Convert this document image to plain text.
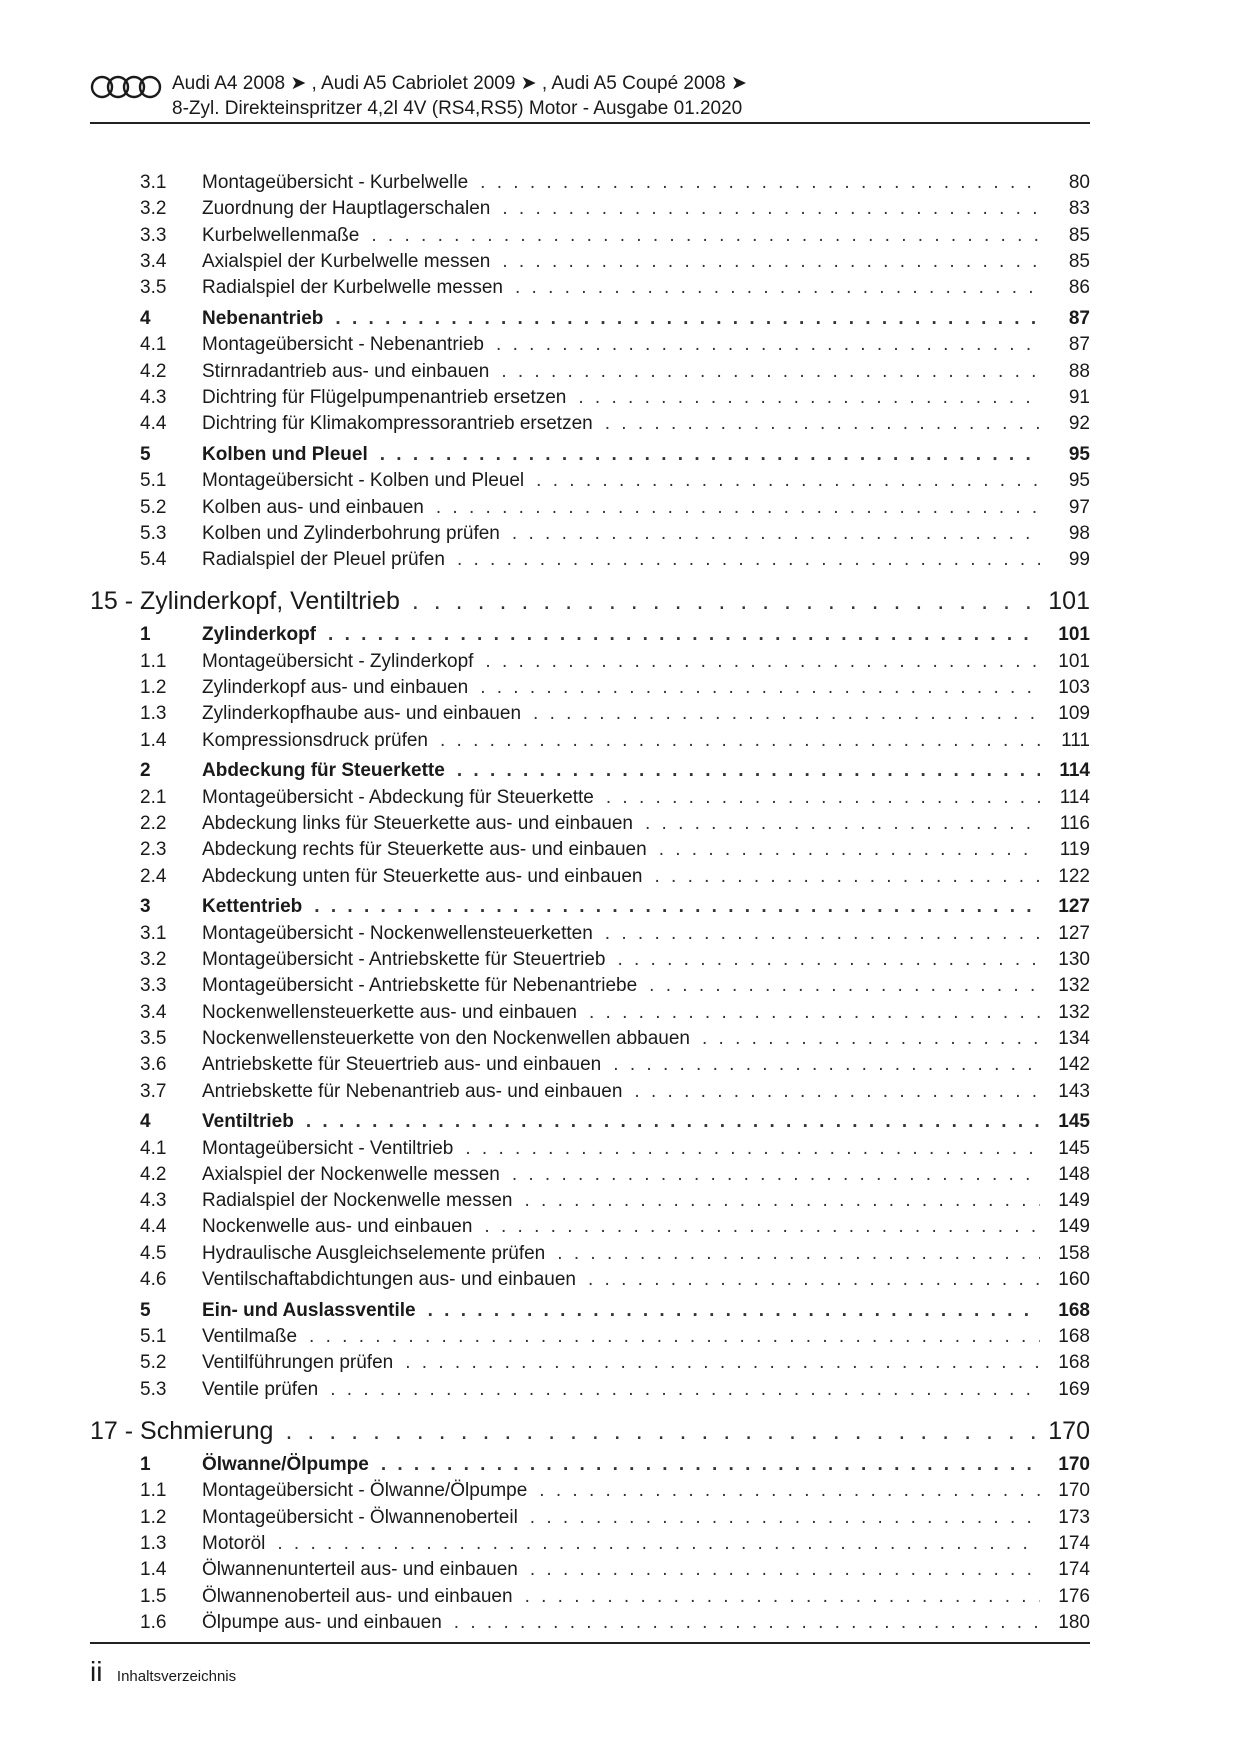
Audi A4 2008 ➤ , Audi A5 Cabriolet 2009 ➤ , Audi A5 Coupé 2008 ➤
8-Zyl. Direkteinspritzer 4,2l 4V (RS4,RS5) Motor - Ausgabe 01.2020
3.1	Montageübersicht - Kurbelwelle . . .	80
3.2	Zuordnung der Hauptlagerschalen . . .	83
3.3	Kurbelwellenmaße . . .	85
3.4	Axialspiel der Kurbelwelle messen . . .	85
3.5	Radialspiel der Kurbelwelle messen . . .	86
4	Nebenantrieb . . .	87
4.1	Montageübersicht - Nebenantrieb . . .	87
4.2	Stirnradantrieb aus- und einbauen . . .	88
4.3	Dichtring für Flügelpumpenantrieb ersetzen . . .	91
4.4	Dichtring für Klimakompressorantrieb ersetzen . . .	92
5	Kolben und Pleuel . . .	95
5.1	Montageübersicht - Kolben und Pleuel . . .	95
5.2	Kolben aus- und einbauen . . .	97
5.3	Kolben und Zylinderbohrung prüfen . . .	98
5.4	Radialspiel der Pleuel prüfen . . .	99
15 - Zylinderkopf, Ventiltrieb . . .	101
1	Zylinderkopf . . .	101
1.1	Montageübersicht - Zylinderkopf . . .	101
1.2	Zylinderkopf aus- und einbauen . . .	103
1.3	Zylinderkopfhaube aus- und einbauen . . .	109
1.4	Kompressionsdruck prüfen . . .	111
2	Abdeckung für Steuerkette . . .	114
2.1	Montageübersicht - Abdeckung für Steuerkette . . .	114
2.2	Abdeckung links für Steuerkette aus- und einbauen . . .	116
2.3	Abdeckung rechts für Steuerkette aus- und einbauen . . .	119
2.4	Abdeckung unten für Steuerkette aus- und einbauen . . .	122
3	Kettentrieb . . .	127
3.1	Montageübersicht - Nockenwellensteuerketten . . .	127
3.2	Montageübersicht - Antriebskette für Steuertrieb . . .	130
3.3	Montageübersicht - Antriebskette für Nebenantriebe . . .	132
3.4	Nockenwellensteuerkette aus- und einbauen . . .	132
3.5	Nockenwellensteuerkette von den Nockenwellen abbauen . . .	134
3.6	Antriebskette für Steuertrieb aus- und einbauen . . .	142
3.7	Antriebskette für Nebenantrieb aus- und einbauen . . .	143
4	Ventiltrieb . . .	145
4.1	Montageübersicht - Ventiltrieb . . .	145
4.2	Axialspiel der Nockenwelle messen . . .	148
4.3	Radialspiel der Nockenwelle messen . . .	149
4.4	Nockenwelle aus- und einbauen . . .	149
4.5	Hydraulische Ausgleichselemente prüfen . . .	158
4.6	Ventilschaftabdichtungen aus- und einbauen . . .	160
5	Ein- und Auslassventile . . .	168
5.1	Ventilmaße . . .	168
5.2	Ventilführungen prüfen . . .	168
5.3	Ventile prüfen . . .	169
17 - Schmierung . . .	170
1	Ölwanne/Ölpumpe . . .	170
1.1	Montageübersicht - Ölwanne/Ölpumpe . . .	170
1.2	Montageübersicht - Ölwannenoberteil . . .	173
1.3	Motoröl . . .	174
1.4	Ölwannenunterteil aus- und einbauen . . .	174
1.5	Ölwannenoberteil aus- und einbauen . . .	176
1.6	Ölpumpe aus- und einbauen . . .	180
ii Inhaltsverzeichnis
